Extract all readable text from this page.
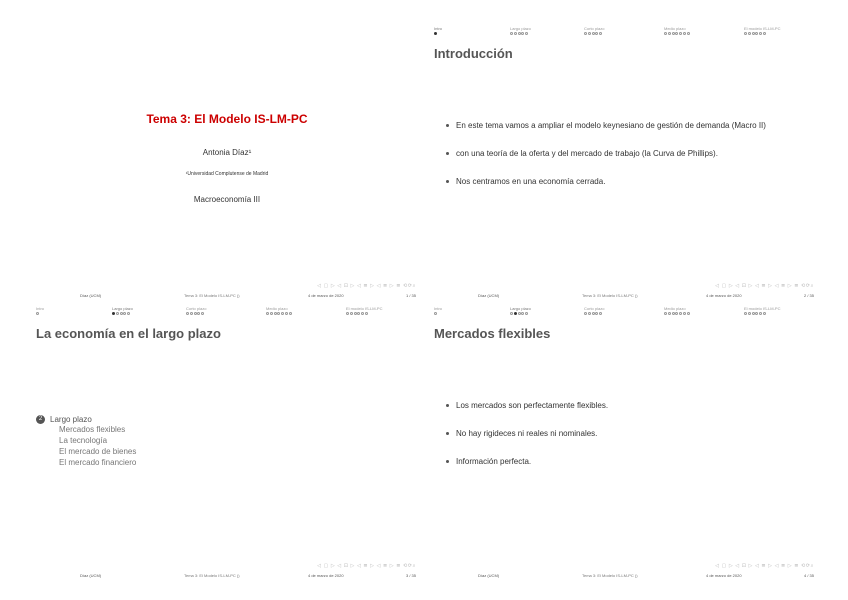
Tema 3: El Modelo IS-LM-PC
Antonia Díaz¹
¹Universidad Complutense de Madrid
Macroeconomía III
◁ ▢ ▷ ◁ ⊡ ▷ ◁ ≣ ▷ ◁ ≣ ▷ ≣ ⟲⟳⌕
Díaz (UCM)	Tema 3: El Modelo IS-LM-PC ()	4 de marzo de 2020	1 / 35
Intro	Largo plazo	Corto plazo	Medio plazo	El modelo IS-LM-PC
Introducción
En este tema vamos a ampliar el modelo keynesiano de gestión de demanda (Macro II)
con una teoría de la oferta y del mercado de trabajo (la Curva de Phillips).
Nos centramos en una economía cerrada.
◁ ▢ ▷ ◁ ⊡ ▷ ◁ ≣ ▷ ◁ ≣ ▷ ≣ ⟲⟳⌕
Díaz (UCM)	Tema 3: El Modelo IS-LM-PC ()	4 de marzo de 2020	2 / 35
Intro	Largo plazo	Corto plazo	Medio plazo	El modelo IS-LM-PC
La economía en el largo plazo
2 Largo plazo
Mercados flexibles
La tecnología
El mercado de bienes
El mercado financiero
◁ ▢ ▷ ◁ ⊡ ▷ ◁ ≣ ▷ ◁ ≣ ▷ ≣ ⟲⟳⌕
Díaz (UCM)	Tema 3: El Modelo IS-LM-PC ()	4 de marzo de 2020	3 / 35
Intro	Largo plazo	Corto plazo	Medio plazo	El modelo IS-LM-PC
Mercados flexibles
Los mercados son perfectamente flexibles.
No hay rigideces ni reales ni nominales.
Información perfecta.
◁ ▢ ▷ ◁ ⊡ ▷ ◁ ≣ ▷ ◁ ≣ ▷ ≣ ⟲⟳⌕
Díaz (UCM)	Tema 3: El Modelo IS-LM-PC ()	4 de marzo de 2020	4 / 35
